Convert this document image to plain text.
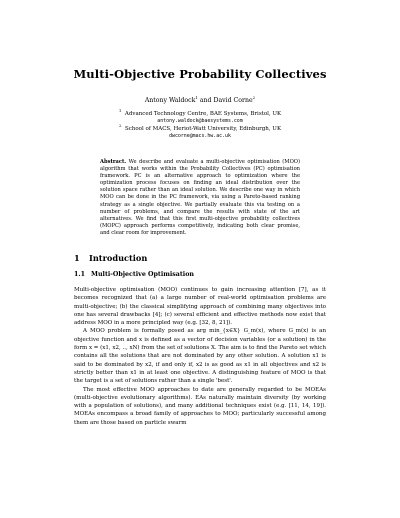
Multi-Objective Probability Collectives
Antony Waldock$^1$ and David Corne$^2$
$^1$  Advanced Technology Centre, BAE Systems, Bristol, UK
antony.waldock@baesystems.com
$^2$  School of MACS, Heriot-Watt University, Edinburgh, UK
dwcorne@macs.hw.ac.uk
Abstract. We describe and evaluate a multi-objective optimisation (MOO) algorithm that works within the Probability Collectives (PC) optimisation framework. PC is an alternative approach to optimization where the optimization process focuses on finding an ideal distribution over the solution space rather than an ideal solution. We describe one way in which MOO can be done in the PC framework, via using a Pareto-based ranking strategy as a single objective. We partially evaluate this via testing on a number of problems, and compare the results with state of the art alternatives. We find that this first multi-objective probability collectives (MOPC) approach performs competitively, indicating both clear promise, and clear room for improvement.
1 Introduction
1.1 Multi-Objective Optimisation

Multi-objective optimisation (MOO) continues to gain increasing attention [7], as it becomes recognized that (a) a large number of real-world optimisation problems are multi-objective; (b) the classical simplifying approach of combining many objectives into one has several drawbacks [4]; (c) several efficient and effective methods now exist that address MOO in a more principled way (e.g. [32, 8, 21]).

A MOO problem is formally posed as arg min_{x∈X} G_m(x), where G_m(x) is an objective function and x is defined as a vector of decision variables (or a solution) in the form x = (x1, x2, .., xN) from the set of solutions X. The aim is to find the Pareto set which contains all the solutions that are not dominated by any other solution. A solution x1 is said to be dominated by x2, if and only if, x2 is as good as x1 in all objectives and x2 is strictly better than x1 in at least one objective. A distinguishing feature of MOO is that the target is a set of solutions rather than a single 'best'.

The most effective MOO approaches to date are generally regarded to be MOEAs (multi-objective evolutionary algorithms). EAs naturally maintain diversity (by working with a population of solutions), and many additional techniques exist (e.g. [11, 14, 19]). MOEAs encompass a broad family of approaches to MOO; particularly successful among them are those based on particle swarm
